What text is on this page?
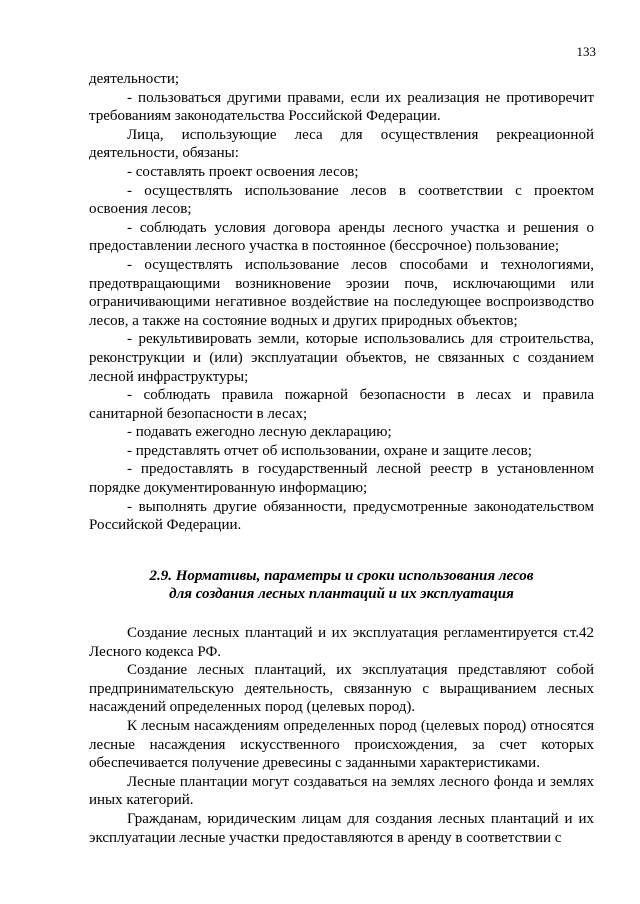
133

деятельности;

- пользоваться другими правами, если их реализация не противоречит требованиям законодательства Российской Федерации.

Лица, использующие леса для осуществления рекреационной деятельности, обязаны:

- составлять проект освоения лесов;

- осуществлять использование лесов в соответствии с проектом освоения лесов;

- соблюдать условия договора аренды лесного участка и решения о предоставлении лесного участка в постоянное (бессрочное) пользование;

- осуществлять использование лесов способами и технологиями, предотвращающими возникновение эрозии почв, исключающими или ограничивающими негативное воздействие на последующее воспроизводство лесов, а также на состояние водных и других природных объектов;

- рекультивировать земли, которые использовались для строительства, реконструкции и (или) эксплуатации объектов, не связанных с созданием лесной инфраструктуры;

- соблюдать правила пожарной безопасности в лесах и правила санитарной безопасности в лесах;

- подавать ежегодно лесную декларацию;

- представлять отчет об использовании, охране и защите лесов;

- предоставлять в государственный лесной реестр в установленном порядке документированную информацию;

- выполнять другие обязанности, предусмотренные законодательством Российской Федерации.

2.9. Нормативы, параметры и сроки использования лесов
для создания лесных плантаций и их эксплуатация

Создание лесных плантаций и их эксплуатация регламентируется ст.42 Лесного кодекса РФ.

Создание лесных плантаций, их эксплуатация представляют собой предпринимательскую деятельность, связанную с выращиванием лесных насаждений определенных пород (целевых пород).

К лесным насаждениям определенных пород (целевых пород) относятся лесные насаждения искусственного происхождения, за счет которых обеспечивается получение древесины с заданными характеристиками.

Лесные плантации могут создаваться на землях лесного фонда и землях иных категорий.

Гражданам, юридическим лицам для создания лесных плантаций и их эксплуатации лесные участки предоставляются в аренду в соответствии с
